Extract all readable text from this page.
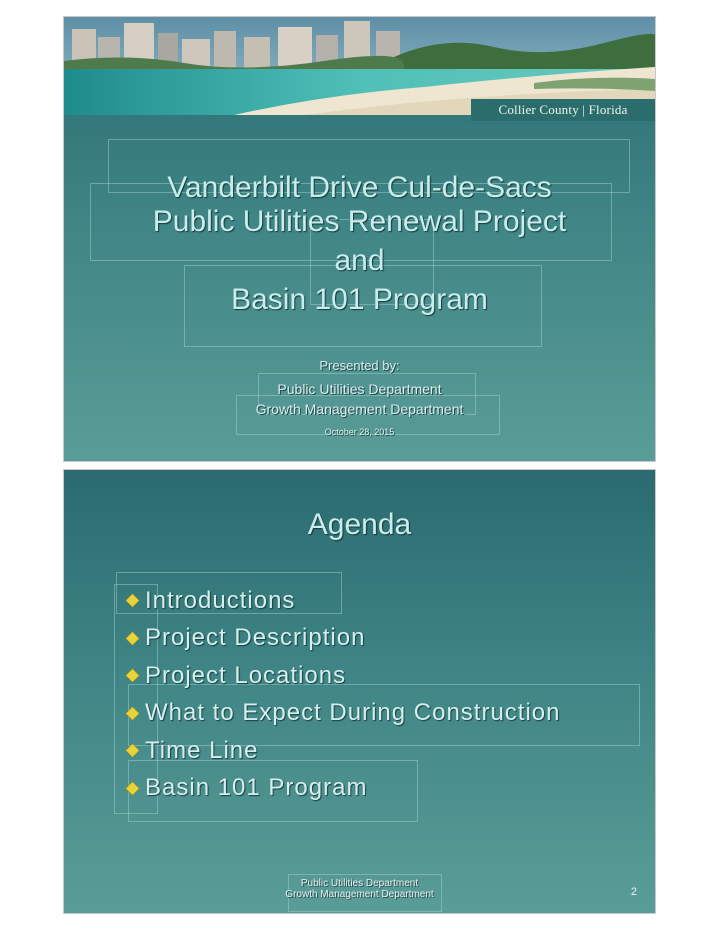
Collier County | Florida
Vanderbilt Drive Cul-de-Sacs
Public Utilities Renewal Project
and
Basin 101 Program
Presented by:
Public Utilities Department
Growth Management Department
October 28, 2015
Agenda
Introductions
Project Description
Project Locations
What to Expect During Construction
Time Line
Basin 101 Program
Public Utilities Department
Growth Management Department	2
